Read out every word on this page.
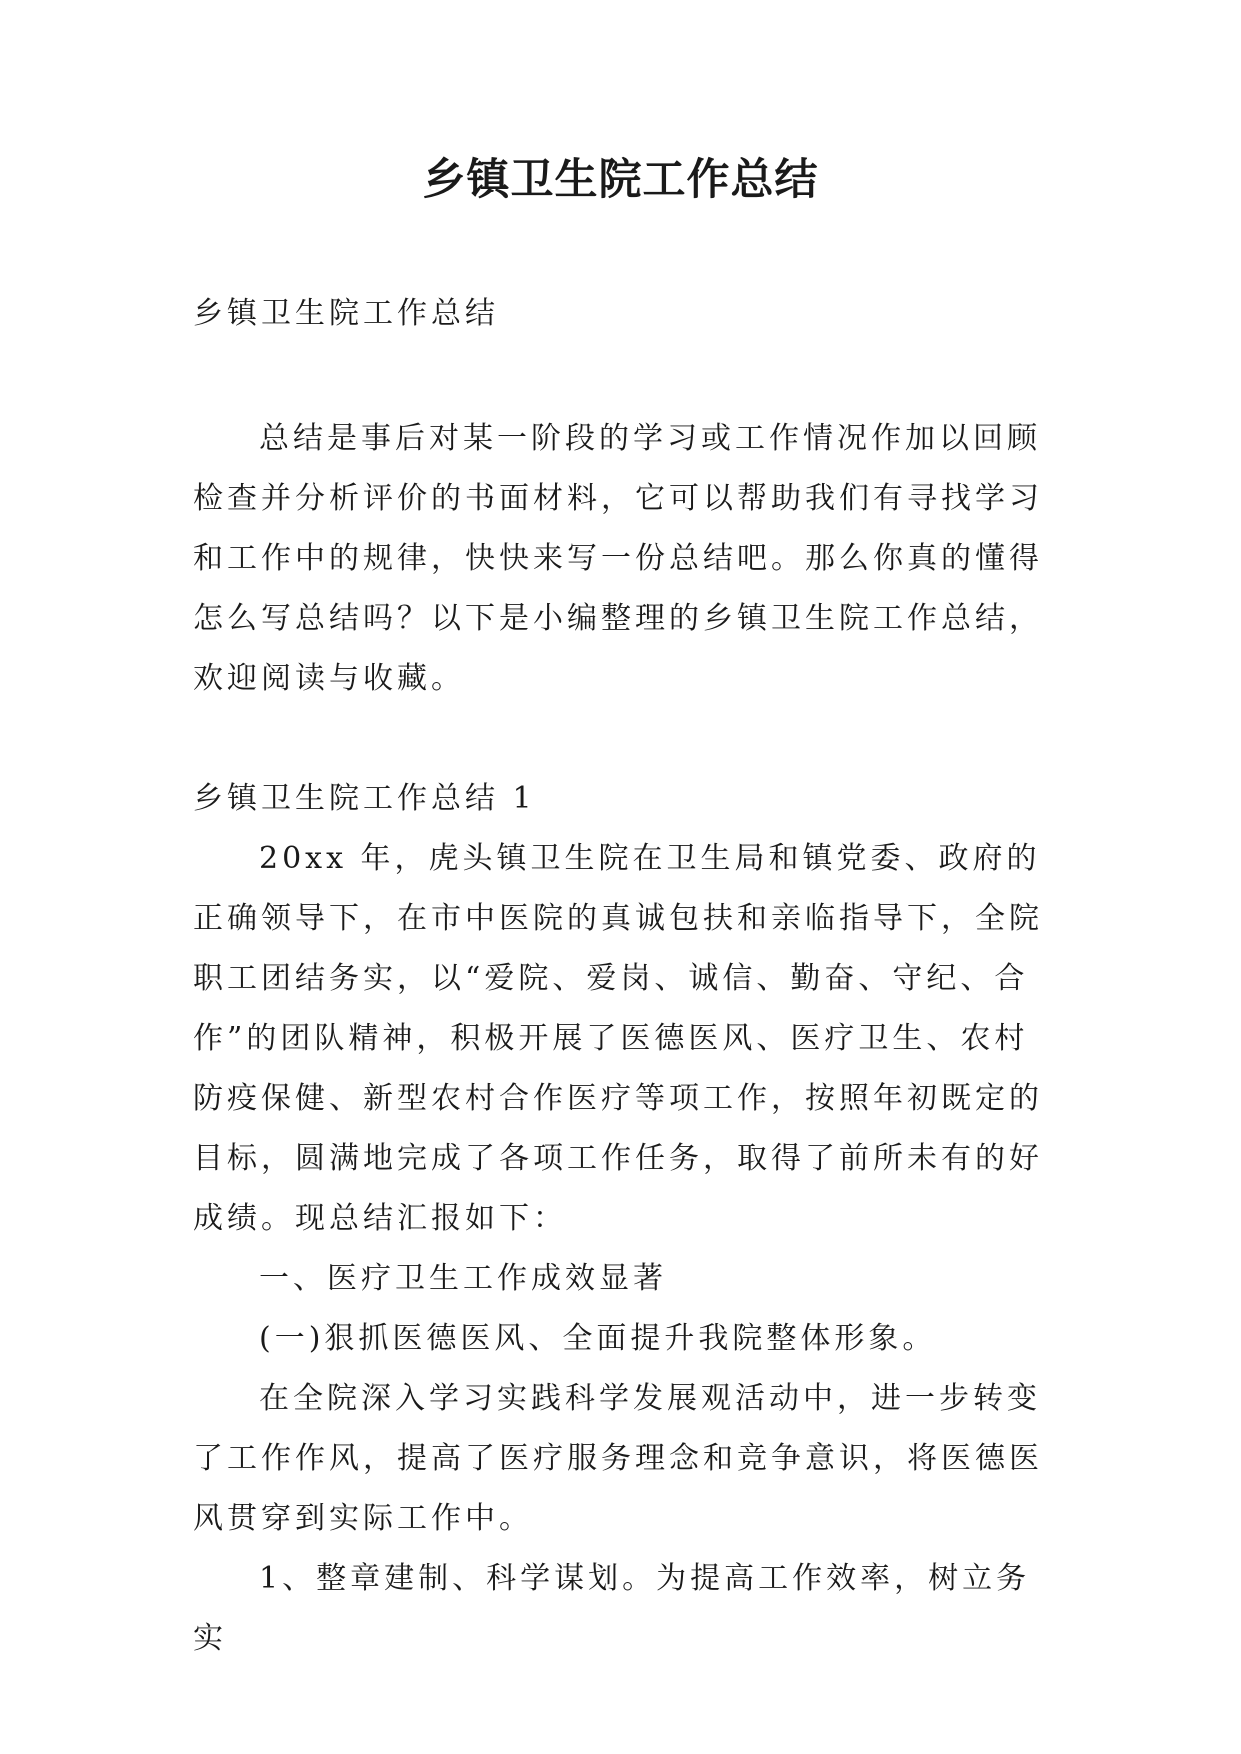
乡镇卫生院工作总结

乡镇卫生院工作总结

总结是事后对某一阶段的学习或工作情况作加以回顾检查并分析评价的书面材料，它可以帮助我们有寻找学习和工作中的规律，快快来写一份总结吧。那么你真的懂得怎么写总结吗？以下是小编整理的乡镇卫生院工作总结，欢迎阅读与收藏。

乡镇卫生院工作总结 1

20xx 年，虎头镇卫生院在卫生局和镇党委、政府的正确领导下，在市中医院的真诚包扶和亲临指导下，全院职工团结务实，以“爱院、爱岗、诚信、勤奋、守纪、合作”的团队精神，积极开展了医德医风、医疗卫生、农村防疫保健、新型农村合作医疗等项工作，按照年初既定的目标，圆满地完成了各项工作任务，取得了前所未有的好成绩。现总结汇报如下：

一、医疗卫生工作成效显著

(一)狠抓医德医风、全面提升我院整体形象。

在全院深入学习实践科学发展观活动中，进一步转变了工作作风，提高了医疗服务理念和竞争意识，将医德医风贯穿到实际工作中。

1、整章建制、科学谋划。为提高工作效率，树立务实
